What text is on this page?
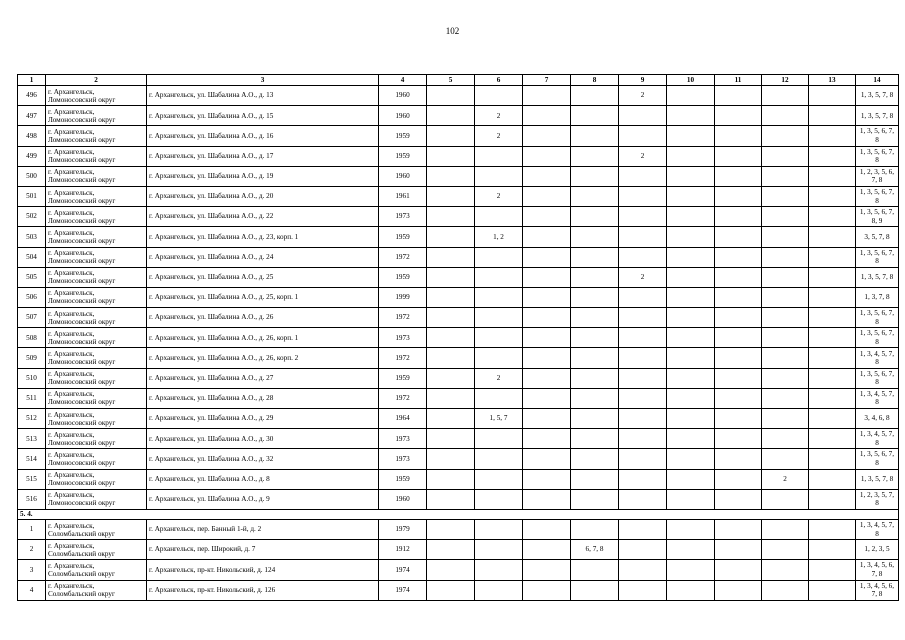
102
1	2	3	4	5	6	7	8	9	10	11	12	13	14
496	г. Архангельск, Ломоносовский округ	г. Архангельск, ул. Шабалина А.О., д. 13	1960					2					1, 3, 5, 7, 8
497	г. Архангельск, Ломоносовский округ	г. Архангельск, ул. Шабалина А.О., д. 15	1960		2								1, 3, 5, 7, 8
498	г. Архангельск, Ломоносовский округ	г. Архангельск, ул. Шабалина А.О., д. 16	1959		2								1, 3, 5, 6, 7, 8
499	г. Архангельск, Ломоносовский округ	г. Архангельск, ул. Шабалина А.О., д. 17	1959					2					1, 3, 5, 6, 7, 8
500	г. Архангельск, Ломоносовский округ	г. Архангельск, ул. Шабалина А.О., д. 19	1960										1, 2, 3, 5, 6, 7, 8
501	г. Архангельск, Ломоносовский округ	г. Архангельск, ул. Шабалина А.О., д. 20	1961		2								1, 3, 5, 6, 7, 8
502	г. Архангельск, Ломоносовский округ	г. Архангельск, ул. Шабалина А.О., д. 22	1973										1, 3, 5, 6, 7, 8, 9
503	г. Архангельск, Ломоносовский округ	г. Архангельск, ул. Шабалина А.О., д. 23, корп. 1	1959		1, 2								3, 5, 7, 8
504	г. Архангельск, Ломоносовский округ	г. Архангельск, ул. Шабалина А.О., д. 24	1972										1, 3, 5, 6, 7, 8
505	г. Архангельск, Ломоносовский округ	г. Архангельск, ул. Шабалина А.О., д. 25	1959					2					1, 3, 5, 7, 8
506	г. Архангельск, Ломоносовский округ	г. Архангельск, ул. Шабалина А.О., д. 25, корп. 1	1999										1, 3, 7, 8
507	г. Архангельск, Ломоносовский округ	г. Архангельск, ул. Шабалина А.О., д. 26	1972										1, 3, 5, 6, 7, 8
508	г. Архангельск, Ломоносовский округ	г. Архангельск, ул. Шабалина А.О., д. 26, корп. 1	1973										1, 3, 5, 6, 7, 8
509	г. Архангельск, Ломоносовский округ	г. Архангельск, ул. Шабалина А.О., д. 26, корп. 2	1972										1, 3, 4, 5, 7, 8
510	г. Архангельск, Ломоносовский округ	г. Архангельск, ул. Шабалина А.О., д. 27	1959		2								1, 3, 5, 6, 7, 8
511	г. Архангельск, Ломоносовский округ	г. Архангельск, ул. Шабалина А.О., д. 28	1972										1, 3, 4, 5, 7, 8
512	г. Архангельск, Ломоносовский округ	г. Архангельск, ул. Шабалина А.О., д. 29	1964		1, 5, 7								3, 4, 6, 8
513	г. Архангельск, Ломоносовский округ	г. Архангельск, ул. Шабалина А.О., д. 30	1973										1, 3, 4, 5, 7, 8
514	г. Архангельск, Ломоносовский округ	г. Архангельск, ул. Шабалина А.О., д. 32	1973										1, 3, 5, 6, 7, 8
515	г. Архангельск, Ломоносовский округ	г. Архангельск, ул. Шабалина А.О., д. 8	1959								2		1, 3, 5, 7, 8
516	г. Архангельск, Ломоносовский округ	г. Архангельск, ул. Шабалина А.О., д. 9	1960										1, 2, 3, 5, 7, 8
5. 4.													
1	г. Архангельск, Соломбальский округ	г. Архангельск, пер. Банный 1-й, д. 2	1979										1, 3, 4, 5, 7, 8
2	г. Архангельск, Соломбальский округ	г. Архангельск, пер. Широкий, д. 7	1912				6, 7, 8						1, 2, 3, 5
3	г. Архангельск, Соломбальский округ	г. Архангельск, пр-кт. Никольский, д. 124	1974										1, 3, 4, 5, 6, 7, 8
4	г. Архангельск, Соломбальский округ	г. Архангельск, пр-кт. Никольский, д. 126	1974										1, 3, 4, 5, 6, 7, 8
